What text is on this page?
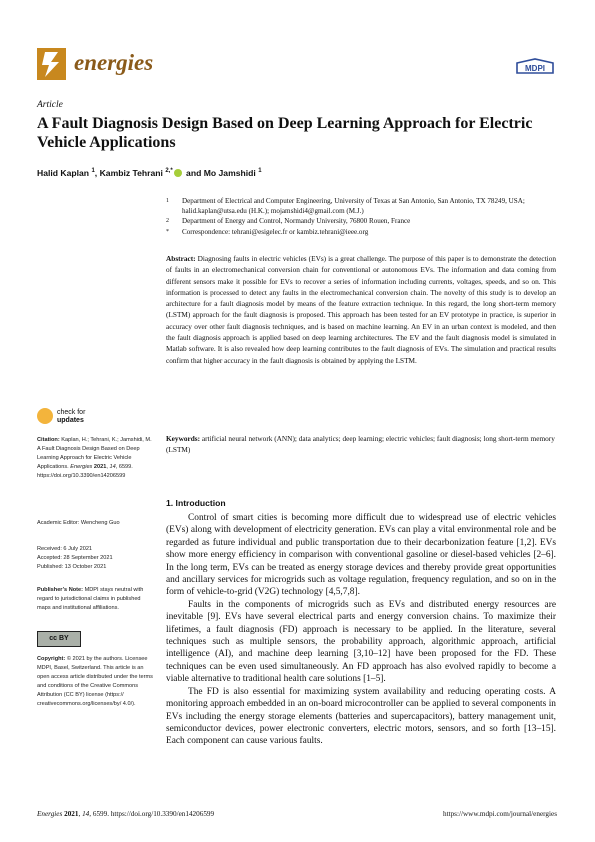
energies	MDPI
Article
A Fault Diagnosis Design Based on Deep Learning Approach for Electric Vehicle Applications
Halid Kaplan $^1$, Kambiz Tehrani $^{2,*}$ and Mo Jamshidi $^1$
1 Department of Electrical and Computer Engineering, University of Texas at San Antonio, San Antonio, TX 78249, USA; halid.kaplan@utsa.edu (H.K.); mojamshidi4@gmail.com (M.J.)
2 Department of Energy and Control, Normandy University, 76800 Rouen, France
* Correspondence: tehrani@esigelec.fr or kambiz.tehrani@ieee.org
Abstract: Diagnosing faults in electric vehicles (EVs) is a great challenge. The purpose of this paper is to demonstrate the detection of faults in an electromechanical conversion chain for conventional or autonomous EVs. The information and data coming from different sensors make it possible for EVs to recover a series of information including currents, voltages, speeds, and so on. This information is processed to detect any faults in the electromechanical conversion chain. The novelty of this study is to develop an architecture for a fault diagnosis model by means of the feature extraction technique. In this regard, the long short-term memory (LSTM) approach for the fault diagnosis is proposed. This approach has been tested for an EV prototype in practice, is superior in accuracy over other fault diagnosis techniques, and is based on machine learning. An EV in an urban context is modeled, and then the fault diagnosis approach is applied based on deep learning architectures. The EV and the fault diagnosis model is simulated in Matlab software. It is also revealed how deep learning contributes to the fault diagnosis of EVs. The simulation and practical results confirm that higher accuracy in the fault diagnosis is obtained by applying the LSTM.
Keywords: artificial neural network (ANN); data analytics; deep learning; electric vehicles; fault diagnosis; long short-term memory (LSTM)
check for
updates
Citation: Kaplan, H.; Tehrani, K.; Jamshidi, M. A Fault Diagnosis Design Based on Deep Learning Approach for Electric Vehicle Applications. Energies 2021, 14, 6599. https://doi.org/10.3390/en14206599
Academic Editor: Wencheng Guo
Received: 6 July 2021
Accepted: 28 September 2021
Published: 13 October 2021
Publisher’s Note: MDPI stays neutral with regard to jurisdictional claims in published maps and institutional affiliations.
cc BY
Copyright: © 2021 by the authors. Licensee MDPI, Basel, Switzerland. This article is an open access article distributed under the terms and conditions of the Creative Commons Attribution (CC BY) license (https:// creativecommons.org/licenses/by/ 4.0/).
1. Introduction

Control of smart cities is becoming more difficult due to widespread use of electric vehicles (EVs) along with development of electricity generation. EVs can play a vital environmental role and be regarded as future individual and public transportation due to their decarbonization feature [1,2]. EVs show more energy efficiency in comparison with conventional gasoline or diesel-based vehicles [2–6]. In the long term, EVs can be treated as energy storage devices and thereby provide great opportunities and ancillary services for microgrids such as voltage regulation, frequency regulation, and so on in the form of vehicle-to-grid (V2G) technology [4,5,7,8].

Faults in the components of microgrids such as EVs and distributed energy resources are inevitable [9]. EVs have several electrical parts and energy conversion chains. To maximize their lifetimes, a fault diagnosis (FD) approach is necessary to be applied. In the literature, several techniques such as multiple sensors, the probability approach, algorithmic approach, artificial intelligence (AI), and machine deep learning [3,10–12] have been proposed for the FD. These techniques can be even used simultaneously. An FD approach has also evolved rapidly to become a viable alternative to traditional health care solutions [1–5].

The FD is also essential for maximizing system availability and reducing operating costs. A monitoring approach embedded in an on-board microcontroller can be applied to several components in EVs including the energy storage elements (batteries and supercapacitors), battery management unit, semiconductor devices, power electronic converters, electric motors, sensors, and so forth [13–15]. Each component can cause various faults.

Energies 2021, 14, 6599. https://doi.org/10.3390/en14206599	https://www.mdpi.com/journal/energies
